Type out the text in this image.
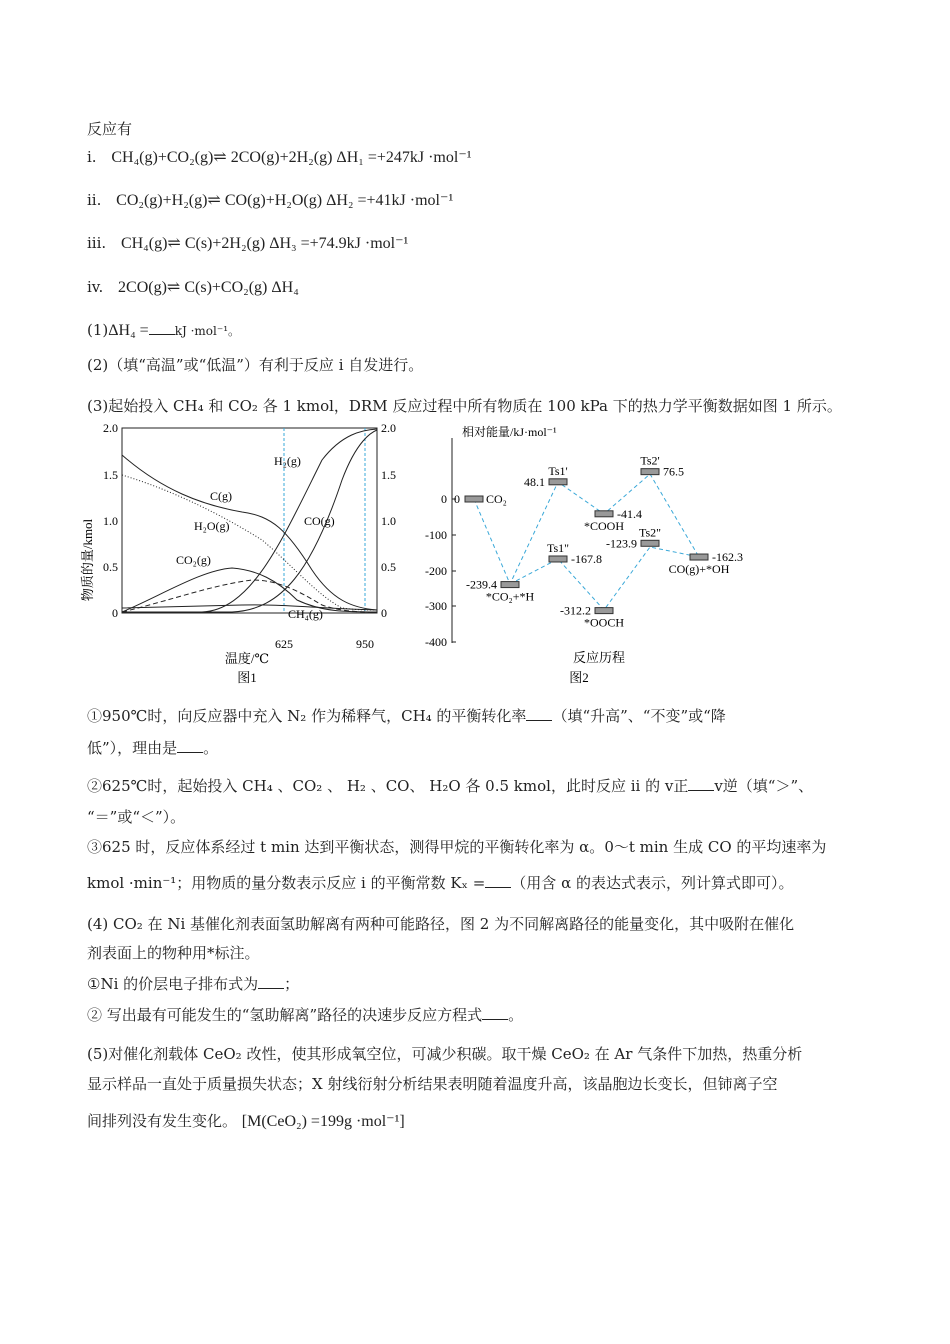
反应有
i. CH₄(g)+CO₂(g)⇌ 2CO(g)+2H₂(g) ΔH₁ =+247kJ ·mol⁻¹
ii. CO₂(g)+H₂(g)⇌ CO(g)+H₂O(g) ΔH₂ =+41kJ ·mol⁻¹
iii. CH₄(g)⇌ C(s)+2H₂(g) ΔH₃ =+74.9kJ ·mol⁻¹
iv. 2CO(g)⇌ C(s)+CO₂(g) ΔH₄
(1)ΔH₄ = kJ ·mol⁻¹。
(2)（填“高温”或“低温”）有利于反应 i 自发进行。
(3)起始投入 CH₄ 和 CO₂ 各 1 kmol，DRM 反应过程中所有物质在 100 kPa 下的热力学平衡数据如图 1 所示。
物质的量/kmol
2.0
1.5
1.0
0.5
0
2.0
1.5
1.0
0.5
0
H₂(g)
C(g)
H₂O(g)	CO(g)
CO₂(g)
CH₄(g)
625	950
温度/℃
图1
相对能量/kJ·mol⁻¹
0
-100
-200
-300
-400
0 CO₂
-239.4
*CO₂+*H
48.1
Ts1'
-41.4
*COOH
76.5
Ts2'
-167.8
Ts1"
-312.2
*OOCH
-123.9
Ts2"
-162.3
CO(g)+*OH
反应历程
图2
①950℃时，向反应器中充入 N₂ 作为稀释气，CH₄ 的平衡转化率 （填“升高”、“不变”或“降
低”），理由是 。
②625℃时，起始投入 CH₄ 、CO₂ 、 H₂ 、CO、 H₂O 各 0.5 kmol，此时反应 ii 的 v正 v逆（填“＞”、
“＝”或“＜”）。
③625 时，反应体系经过 t min 达到平衡状态，测得甲烷的平衡转化率为 α。0～t min 生成 CO 的平均速率为
kmol ·min⁻¹；用物质的量分数表示反应 i 的平衡常数 Kₓ = （用含 α 的表达式表示，列计算式即可）。
(4) CO₂ 在 Ni 基催化剂表面氢助解离有两种可能路径，图 2 为不同解离路径的能量变化，其中吸附在催化
剂表面上的物种用*标注。
①Ni 的价层电子排布式为 ；
② 写出最有可能发生的“氢助解离”路径的决速步反应方程式 。
(5)对催化剂载体 CeO₂ 改性，使其形成氧空位，可减少积碳。取干燥 CeO₂ 在 Ar 气条件下加热，热重分析
显示样品一直处于质量损失状态；X 射线衍射分析结果表明随着温度升高，该晶胞边长变长，但铈离子空
间排列没有发生变化。 [M(CeO₂) =199g ·mol⁻¹]
